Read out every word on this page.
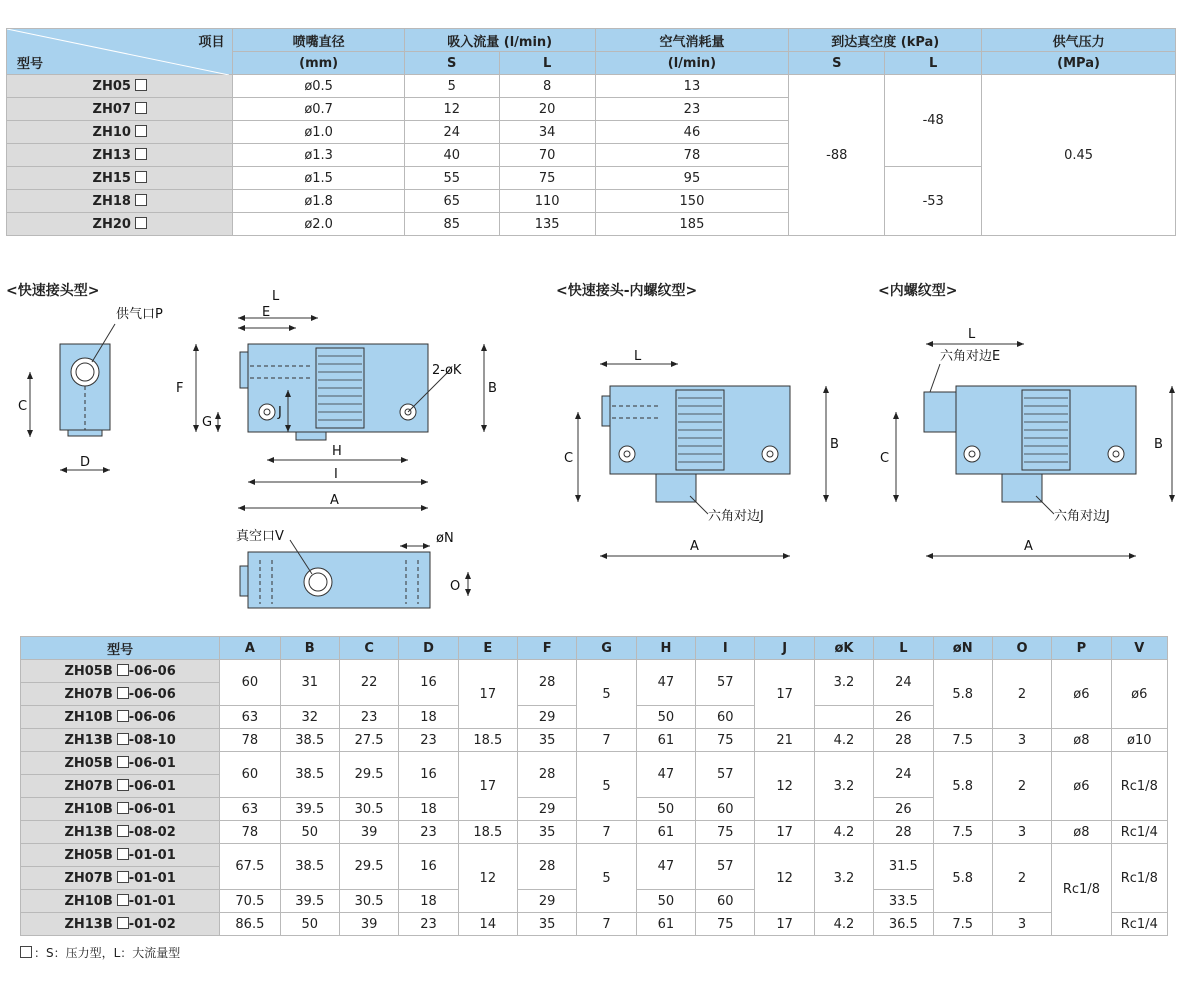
项目
型号	喷嘴直径	吸入流量 (l/min)		空气消耗量	到达真空度 (kPa)		供气压力
	(mm)	S	L	(l/min)	S	L	(MPa)
ZH05	ø0.5	5	8	13	-88	-48	0.45
ZH07	ø0.7	12	20	23			
ZH10	ø1.0	24	34	46			
ZH13	ø1.3	40	70	78			
ZH15	ø1.5	55	75	95		-53	
ZH18	ø1.8	65	110	150			
ZH20	ø2.0	85	135	185			
<快速接头型>	<快速接头-内螺纹型>	<内螺纹型>
供气口P
C
D
L
E
F
G
J
H
I
A
B
2-øK
真空口V	øN
O
L
C
B
A
六角对边J
L
六角对边E
C
B
A
六角对边J
型号	A	B	C	D	E	F	G	H	I	J	øK	L	øN	O	P	V
ZH05B -06-06	60	31	22	16	17	28	5	47	57	17	3.2	24	5.8	2	ø6	ø6
ZH07B -06-06																
ZH10B -06-06	63	32	23	18		29		50	60			26				
ZH13B -08-10	78	38.5	27.5	23	18.5	35	7	61	75	21	4.2	28	7.5	3	ø8	ø10
ZH05B -06-01	60	38.5	29.5	16	17	28	5	47	57	12	3.2	24	5.8	2	ø6	Rc1/8
ZH07B -06-01																
ZH10B -06-01	63	39.5	30.5	18		29		50	60			26				
ZH13B -08-02	78	50	39	23	18.5	35	7	61	75	17	4.2	28	7.5	3	ø8	Rc1/4
ZH05B -01-01	67.5	38.5	29.5	16	12	28	5	47	57	12	3.2	31.5	5.8	2	Rc1/8	Rc1/8
ZH07B -01-01																
ZH10B -01-01	70.5	39.5	30.5	18		29		50	60			33.5				
ZH13B -01-02	86.5	50	39	23	14	35	7	61	75	17	4.2	36.5	7.5	3		Rc1/4
：S：压力型，L：大流量型
